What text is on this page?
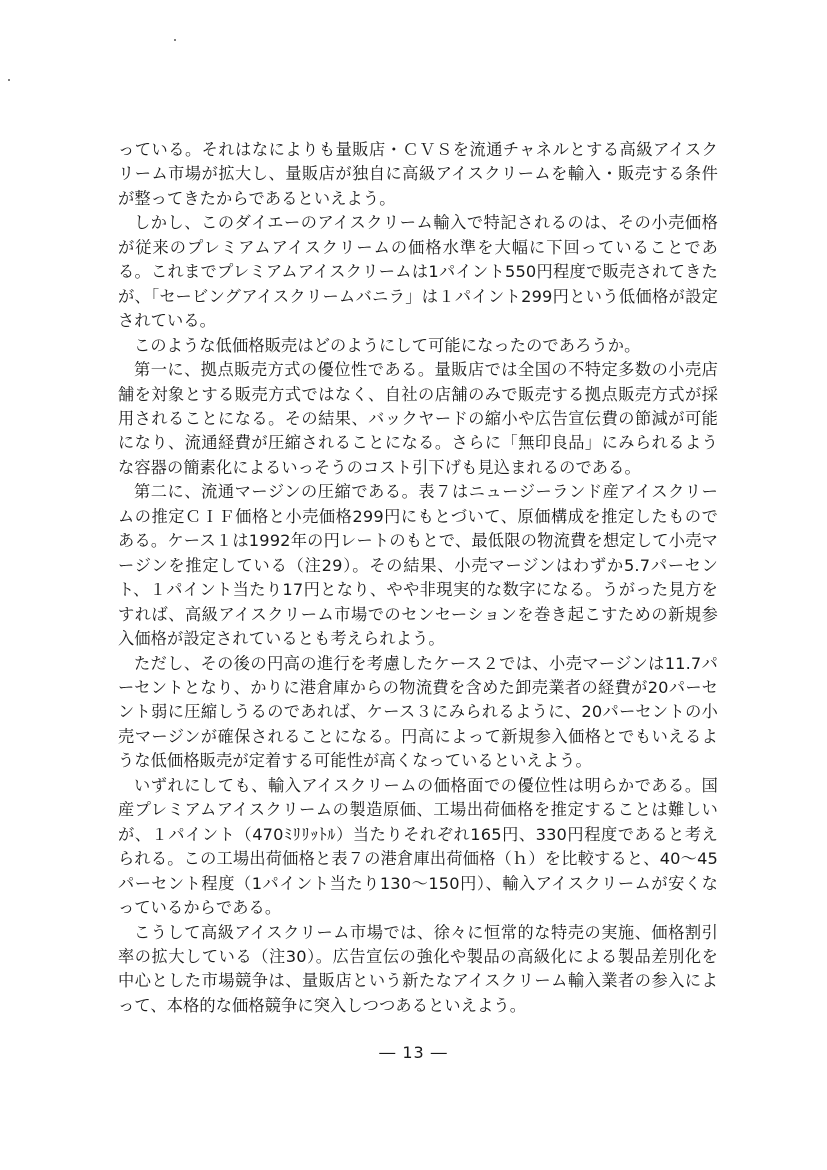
っている。それはなによりも量販店・ＣＶＳを流通チャネルとする高級アイスクリーム市場が拡大し、量販店が独自に高級アイスクリームを輸入・販売する条件が整ってきたからであるといえよう。

しかし、このダイエーのアイスクリーム輸入で特記されるのは、その小売価格が従来のプレミアムアイスクリームの価格水準を大幅に下回っていることである。これまでプレミアムアイスクリームは1パイント550円程度で販売されてきたが、「セービングアイスクリームバニラ」は１パイント299円という低価格が設定されている。

このような低価格販売はどのようにして可能になったのであろうか。

第一に、拠点販売方式の優位性である。量販店では全国の不特定多数の小売店舗を対象とする販売方式ではなく、自社の店舗のみで販売する拠点販売方式が採用されることになる。その結果、バックヤードの縮小や広告宣伝費の節減が可能になり、流通経費が圧縮されることになる。さらに「無印良品」にみられるような容器の簡素化によるいっそうのコスト引下げも見込まれるのである。

第二に、流通マージンの圧縮である。表７はニュージーランド産アイスクリームの推定ＣＩＦ価格と小売価格299円にもとづいて、原価構成を推定したものである。ケース１は1992年の円レートのもとで、最低限の物流費を想定して小売マージンを推定している（注29）。その結果、小売マージンはわずか5.7パーセント、１パイント当たり17円となり、やや非現実的な数字になる。うがった見方をすれば、高級アイスクリーム市場でのセンセーションを巻き起こすための新規参入価格が設定されているとも考えられよう。

ただし、その後の円高の進行を考慮したケース２では、小売マージンは11.7パーセントとなり、かりに港倉庫からの物流費を含めた卸売業者の経費が20パーセント弱に圧縮しうるのであれば、ケース３にみられるように、20パーセントの小売マージンが確保されることになる。円高によって新規参入価格とでもいえるような低価格販売が定着する可能性が高くなっているといえよう。

いずれにしても、輸入アイスクリームの価格面での優位性は明らかである。国産プレミアムアイスクリームの製造原価、工場出荷価格を推定することは難しいが、１パイント（470ﾐﾘﾘｯﾄﾙ）当たりそれぞれ165円、330円程度であると考えられる。この工場出荷価格と表７の港倉庫出荷価格（ｈ）を比較すると、40～45パーセント程度（1パイント当たり130～150円）、輸入アイスクリームが安くなっているからである。

こうして高級アイスクリーム市場では、徐々に恒常的な特売の実施、価格割引率の拡大している（注30）。広告宣伝の強化や製品の高級化による製品差別化を中心とした市場競争は、量販店という新たなアイスクリーム輸入業者の参入によって、本格的な価格競争に突入しつつあるといえよう。

― 13 ―
